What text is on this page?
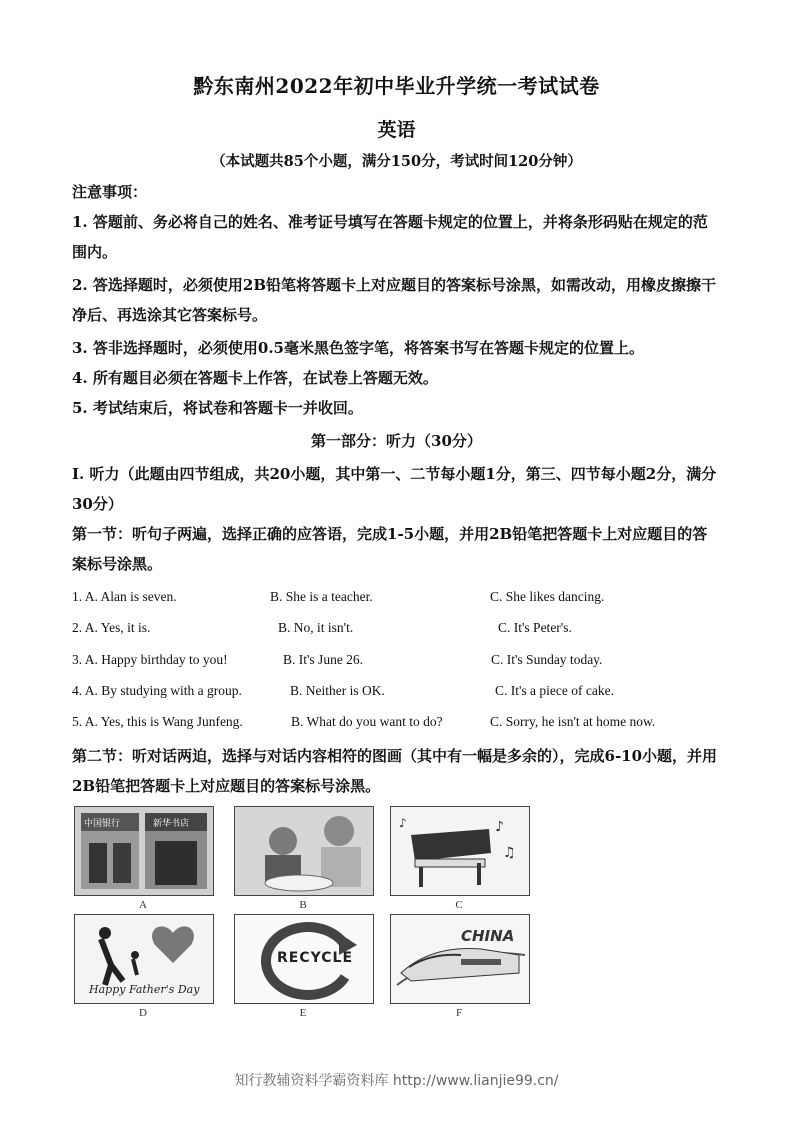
黔东南州2022年初中毕业升学统一考试试卷
英语
（本试题共85个小题，满分150分，考试时间120分钟）
注意事项：
1. 答题前、务必将自己的姓名、准考证号填写在答题卡规定的位置上，并将条形码贴在规定的范围内。
2. 答选择题时，必须使用2B铅笔将答题卡上对应题目的答案标号涂黑，如需改动，用橡皮擦擦干净后、再选涂其它答案标号。
3. 答非选择题时，必须使用0.5毫米黑色签字笔，将答案书写在答题卡规定的位置上。
4. 所有题目必须在答题卡上作答，在试卷上答题无效。
5. 考试结束后，将试卷和答题卡一并收回。
第一部分：听力（30分）
Ⅰ. 听力（此题由四节组成，共20小题，其中第一、二节每小题1分，第三、四节每小题2分，满分30分）
第一节：听句子两遍，选择正确的应答语，完成1-5小题，并用2B铅笔把答题卡上对应题目的答案标号涂黑。
1. A. Alan is seven.	B. She is a teacher.	C. She likes dancing.
2. A. Yes, it is.	B. No, it isn't.	C. It's Peter's.
3. A. Happy birthday to you!	B. It's June 26.	C. It's Sunday today.
4. A. By studying with a group.	B. Neither is OK.	C. It's a piece of cake.
5. A. Yes, this is Wang Junfeng.	B. What do you want to do?	C. Sorry, he isn't at home now.
第二节：听对话两迫，选择与对话内容相符的图画（其中有一幅是多余的），完成6-10小题，并用2B铅笔把答题卡上对应题目的答案标号涂黑。
中国银行	新华书店
A	B
♪
♫
♪
C
Happy Father's Day
D
RECYCLE
E
CHINA
F
知行教辅资料学霸资料库 http://www.lianjie99.cn/
